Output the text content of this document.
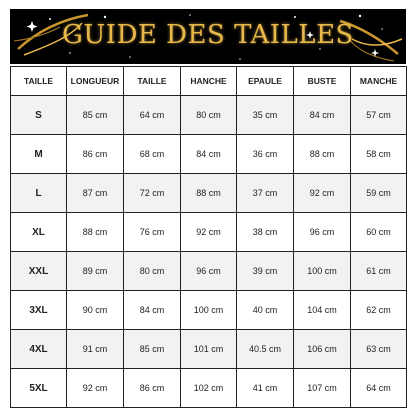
GUIDE DES TAILLES
TAILLE	LONGUEUR	TAILLE	HANCHE	EPAULE	BUSTE	MANCHE
S	85 cm	64 cm	80 cm	35 cm	84 cm	57 cm
M	86 cm	68 cm	84 cm	36 cm	88 cm	58 cm
L	87 cm	72 cm	88 cm	37 cm	92 cm	59 cm
XL	88 cm	76 cm	92 cm	38 cm	96 cm	60 cm
XXL	89 cm	80 cm	96 cm	39 cm	100 cm	61 cm
3XL	90 cm	84 cm	100 cm	40 cm	104 cm	62 cm
4XL	91 cm	85 cm	101 cm	40.5 cm	106 cm	63 cm
5XL	92 cm	86 cm	102 cm	41 cm	107 cm	64 cm
